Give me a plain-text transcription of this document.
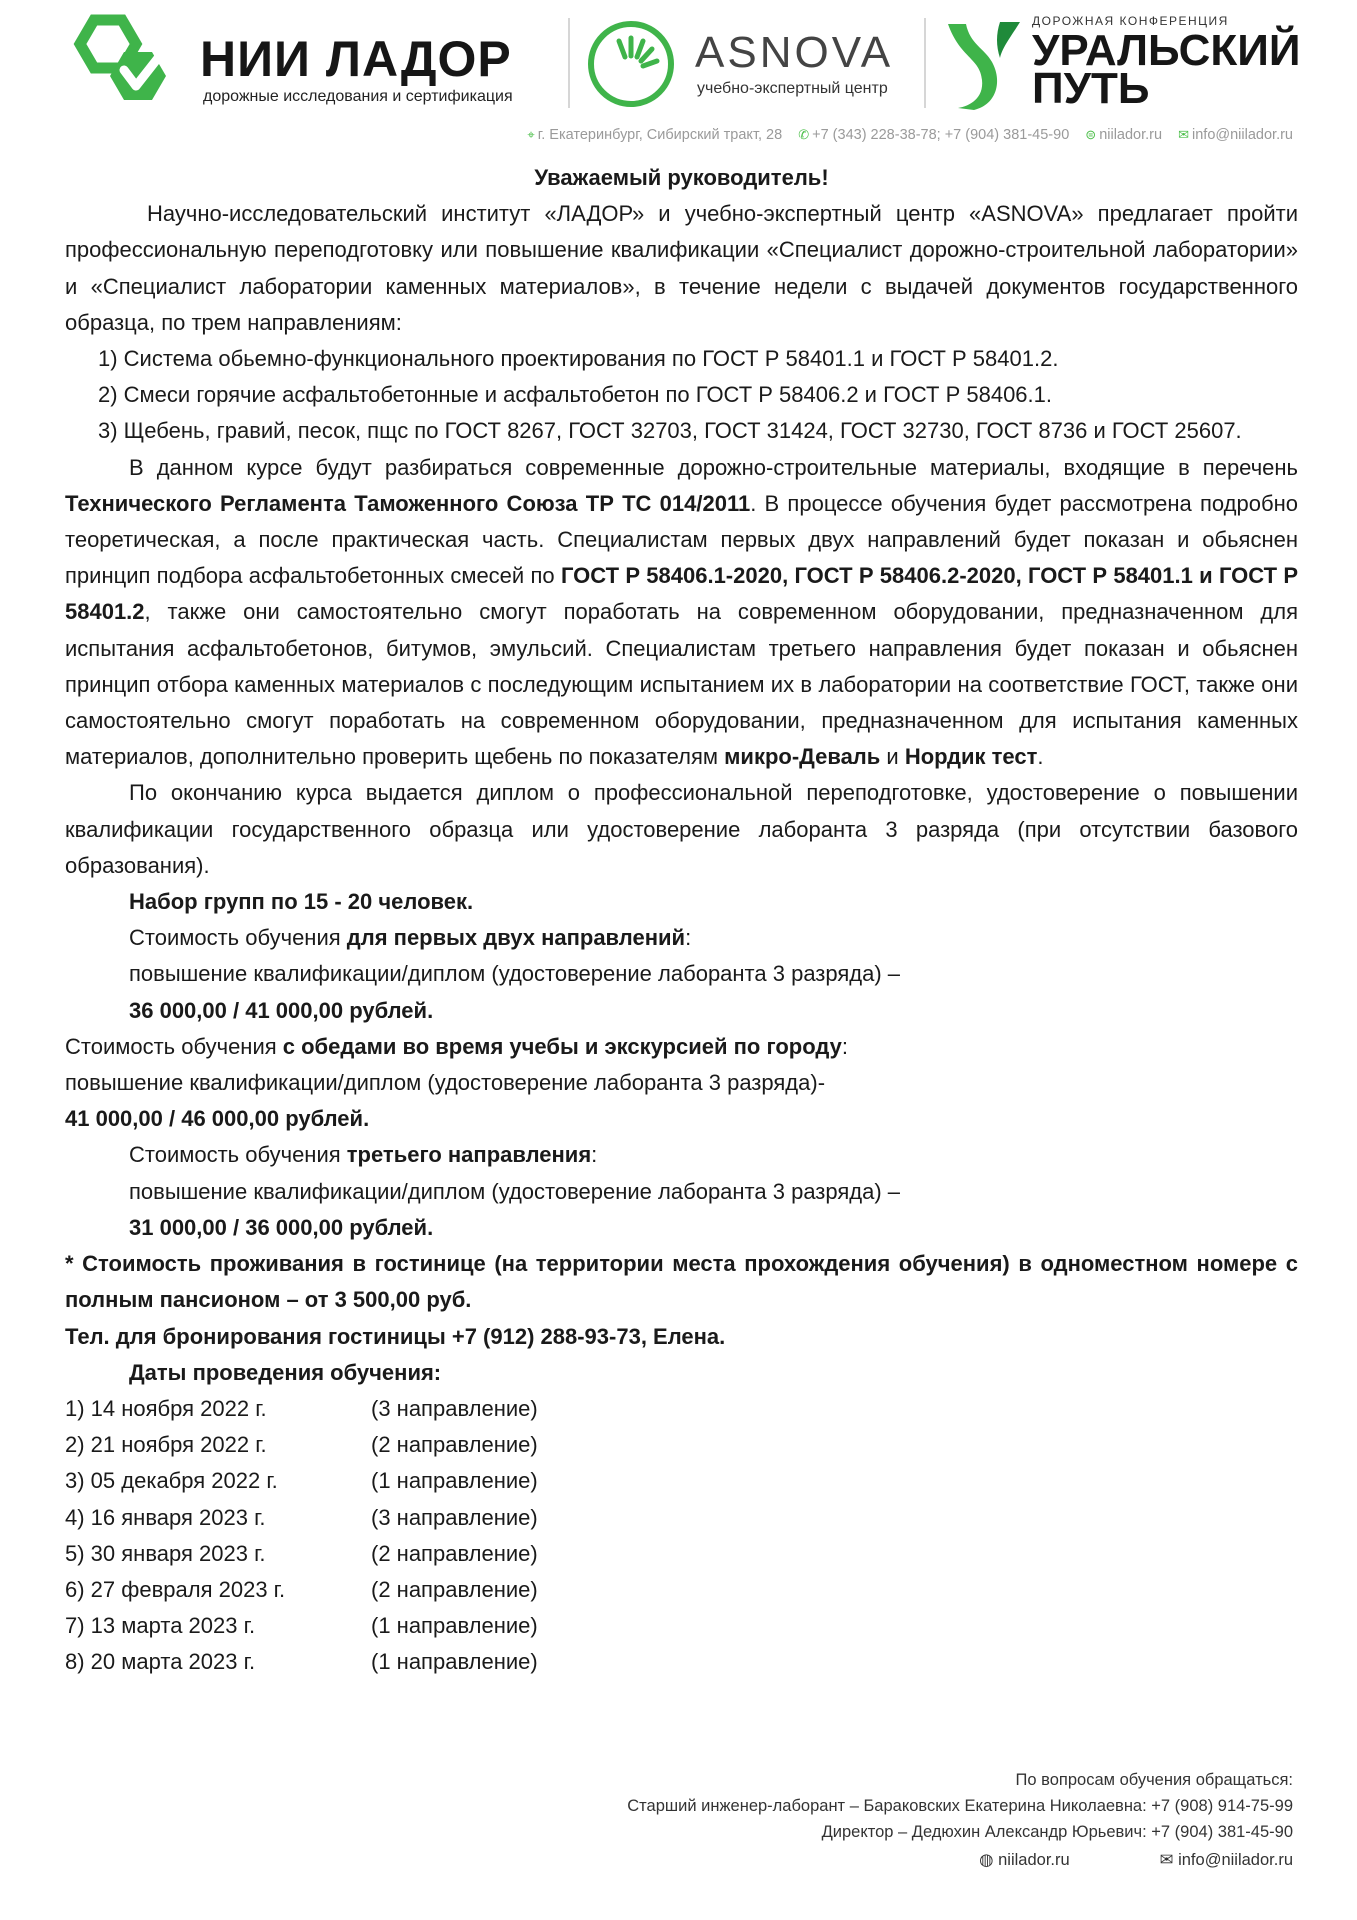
НИИ ЛАДОР
дорожные исследования и сертификация
ASNOVA
учебно-экспертный центр
ДОРОЖНАЯ КОНФЕРЕНЦИЯ
УРАЛЬСКИЙ
ПУТЬ
⌖ г. Екатеринбург, Сибирский тракт, 28 ✆ +7 (343) 228-38-78; +7 (904) 381-45-90 ⊜ niilador.ru ✉ info@niilador.ru

Уважаемый руководитель!

Научно-исследовательский институт «ЛАДОР» и учебно-экспертный центр «ASNOVA» предлагает пройти профессиональную переподготовку или повышение квалификации «Специалист дорожно-строительной лаборатории» и «Специалист лаборатории каменных материалов», в течение недели с выдачей документов государственного образца, по трем направлениям:

1) Система обьемно-функционального проектирования по ГОСТ Р 58401.1 и ГОСТ Р 58401.2.

2) Смеси горячие асфальтобетонные и асфальтобетон по ГОСТ Р 58406.2 и ГОСТ Р 58406.1.

3) Щебень, гравий, песок, пщс по ГОСТ 8267, ГОСТ 32703, ГОСТ 31424, ГОСТ 32730, ГОСТ 8736 и ГОСТ 25607.

В данном курсе будут разбираться современные дорожно-строительные материалы, входящие в перечень Технического Регламента Таможенного Союза ТР ТС 014/2011. В процессе обучения будет рассмотрена подробно теоретическая, а после практическая часть. Специалистам первых двух направлений будет показан и обьяснен принцип подбора асфальтобетонных смесей по ГОСТ Р 58406.1-2020, ГОСТ Р 58406.2-2020, ГОСТ Р 58401.1 и ГОСТ Р 58401.2, также они самостоятельно смогут поработать на современном оборудовании, предназначенном для испытания асфальтобетонов, битумов, эмульсий. Специалистам третьего направления будет показан и обьяснен принцип отбора каменных материалов с последующим испытанием их в лаборатории на соответствие ГОСТ, также они самостоятельно смогут поработать на современном оборудовании, предназначенном для испытания каменных материалов, дополнительно проверить щебень по показателям микро-Деваль и Нордик тест.

По окончанию курса выдается диплом о профессиональной переподготовке, удостоверение о повышении квалификации государственного образца или удостоверение лаборанта 3 разряда (при отсутствии базового образования).

Набор групп по 15 - 20 человек.

Стоимость обучения для первых двух направлений:

повышение квалификации/диплом (удостоверение лаборанта 3 разряда) –

36 000,00 / 41 000,00 рублей.

Стоимость обучения с обедами во время учебы и экскурсией по городу:

повышение квалификации/диплом (удостоверение лаборанта 3 разряда)-

41 000,00 / 46 000,00 рублей.

Стоимость обучения третьего направления:

повышение квалификации/диплом (удостоверение лаборанта 3 разряда) –

31 000,00 / 36 000,00 рублей.

* Стоимость проживания в гостинице (на территории места прохождения обучения) в одноместном номере с полным пансионом – от 3 500,00 руб.

Тел. для бронирования гостиницы +7 (912) 288-93-73, Елена.

Даты проведения обучения:

1) 14 ноября 2022 г.	(3 направление)
2) 21 ноября 2022 г.	(2 направление)
3) 05 декабря 2022 г.	(1 направление)
4) 16 января 2023 г.	(3 направление)
5) 30 января 2023 г.	(2 направление)
6) 27 февраля 2023 г.	(2 направление)
7) 13 марта 2023 г.	(1 направление)
8) 20 марта 2023 г.	(1 направление)
По вопросам обучения обращаться:
Старший инженер-лаборант – Бараковских Екатерина Николаевна: +7 (908) 914-75-99
Директор – Дедюхин Александр Юрьевич: +7 (904) 381-45-90
◍ niilador.ru	✉ info@niilador.ru
